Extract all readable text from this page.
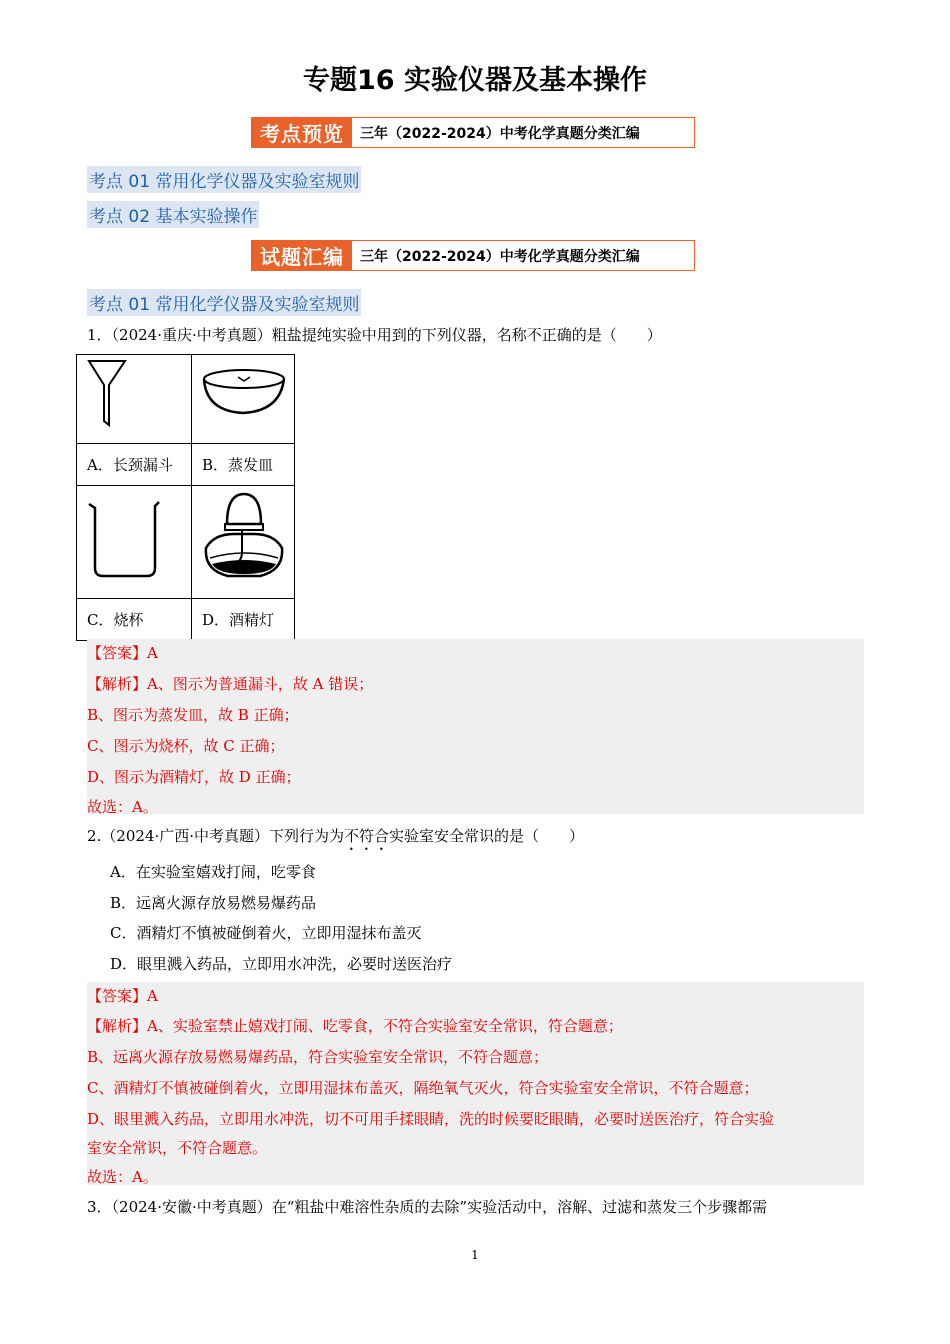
专题16 实验仪器及基本操作
考点预览	三年（2022-2024）中考化学真题分类汇编
考点 01 常用化学仪器及实验室规则
考点 02 基本实验操作
试题汇编	三年（2022-2024）中考化学真题分类汇编
考点 01 常用化学仪器及实验室规则
1．（2024·重庆·中考真题）粗盐提纯实验中用到的下列仪器，名称不正确的是（　　）

A．长颈漏斗	B．蒸发皿

C．烧杯	D．酒精灯
【答案】A
【解析】A、图示为普通漏斗，故 A 错误；
B、图示为蒸发皿，故 B 正确；
C、图示为烧杯，故 C 正确；
D、图示为酒精灯，故 D 正确；
故选：A。
2.（2024·广西·中考真题）下列行为为不符合实验室安全常识的是（　　）
A．在实验室嬉戏打闹，吃零食
B．远离火源存放易燃易爆药品
C．酒精灯不慎被碰倒着火，立即用湿抹布盖灭
D．眼里溅入药品，立即用水冲洗，必要时送医治疗
【答案】A
【解析】A、实验室禁止嬉戏打闹、吃零食，不符合实验室安全常识，符合题意；
B、远离火源存放易燃易爆药品，符合实验室安全常识，不符合题意；
C、酒精灯不慎被碰倒着火，立即用湿抹布盖灭，隔绝氧气灭火，符合实验室安全常识，不符合题意；
D、眼里溅入药品，立即用水冲洗，切不可用手揉眼睛，洗的时候要眨眼睛，必要时送医治疗，符合实验
室安全常识，不符合题意。
故选：A。
3．（2024·安徽·中考真题）在“粗盐中难溶性杂质的去除”实验活动中，溶解、过滤和蒸发三个步骤都需
1
